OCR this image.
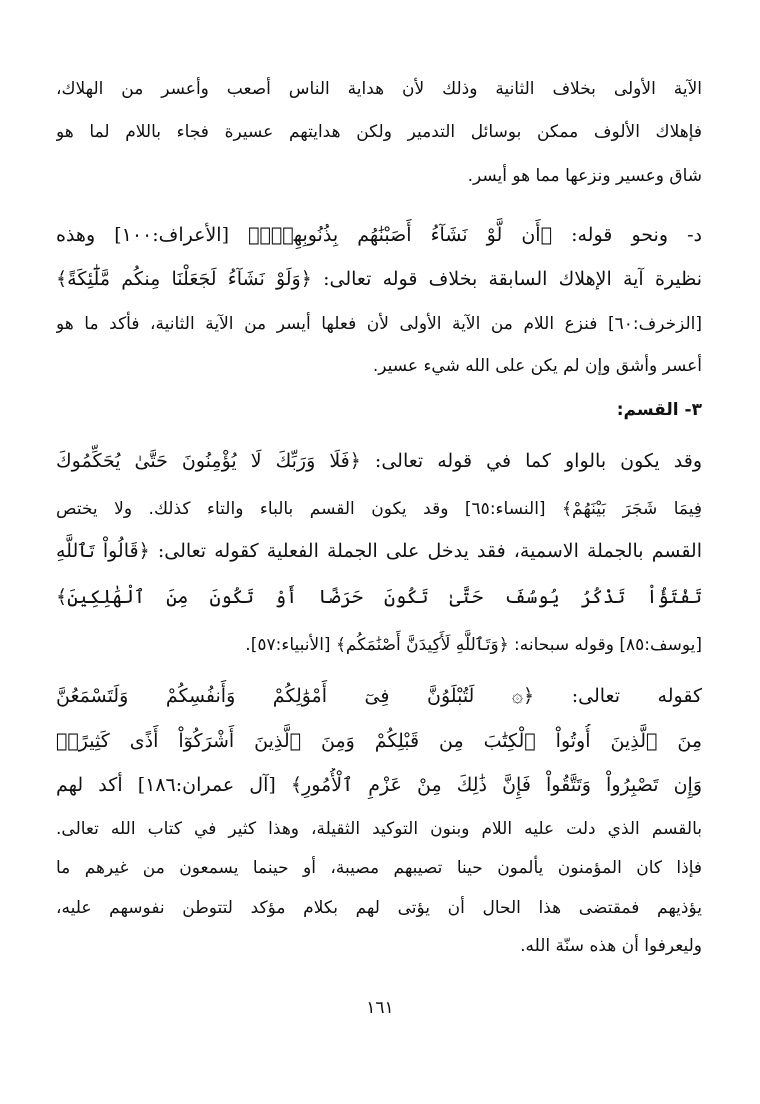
الآية الأولى بخلاف الثانية وذلك لأن هداية الناس أصعب وأعسر من الهلاك،
فإهلاك الألوف ممكن بوسائل التدمير ولكن هدايتهم عسيرة فجاء باللام لما هو
شاق وعسير ونزعها مما هو أيسر.
د- ونحو قوله: ﴿أَن لَّوْ نَشَآءُ أَصَبْنَٰهُم بِذُنُوبِهِمْۚ﴾ [الأعراف:١٠٠] وهذه
نظيرة آية الإهلاك السابقة بخلاف قوله تعالى: ﴿وَلَوْ نَشَآءُ لَجَعَلْنَا مِنكُم مَّلَٰٓئِكَةً﴾
[الزخرف:٦٠] فنزع اللام من الآية الأولى لأن فعلها أيسر من الآية الثانية، فأكد ما هو
أعسر وأشق وإن لم يكن على الله شيء عسير.
٣- القسم:
وقد يكون بالواو كما في قوله تعالى: ﴿فَلَا وَرَبِّكَ لَا يُؤْمِنُونَ حَتَّىٰ يُحَكِّمُوكَ
فِيمَا شَجَرَ بَيْنَهُمْ﴾ [النساء:٦٥] وقد يكون القسم بالباء والتاء كذلك. ولا يختص
القسم بالجملة الاسمية، فقد يدخل على الجملة الفعلية كقوله تعالى: ﴿قَالُواْ تَٱللَّهِ
تَفْتَؤُاْ تَذْكُرُ يُوسُفَ حَتَّىٰ تَكُونَ حَرَضًا أَوْ تَكُونَ مِنَ ٱلْهَٰلِكِينَ﴾
[يوسف:٨٥] وقوله سبحانه: ﴿وَتَٱللَّهِ لَأَكِيدَنَّ أَصْنَٰمَكُم﴾ [الأنبياء:٥٧].
كقوله تعالى: ﴿۞ لَتُبْلَوُنَّ فِىٓ أَمْوَٰلِكُمْ وَأَنفُسِكُمْ وَلَتَسْمَعُنَّ
مِنَ ٱلَّذِينَ أُوتُواْ ٱلْكِتَٰبَ مِن قَبْلِكُمْ وَمِنَ ٱلَّذِينَ أَشْرَكُوٓاْ أَذًى كَثِيرًاۚ
وَإِن تَصْبِرُواْ وَتَتَّقُواْ فَإِنَّ ذَٰلِكَ مِنْ عَزْمِ ٱلْأُمُورِ﴾ [آل عمران:١٨٦] أكد لهم
بالقسم الذي دلت عليه اللام وبنون التوكيد الثقيلة، وهذا كثير في كتاب الله تعالى.
فإذا كان المؤمنون يألمون حينا تصيبهم مصيبة، أو حينما يسمعون من غيرهم ما
يؤذيهم فمقتضى هذا الحال أن يؤتى لهم بكلام مؤكد لتتوطن نفوسهم عليه،
وليعرفوا أن هذه سنّة الله.
١٦١
